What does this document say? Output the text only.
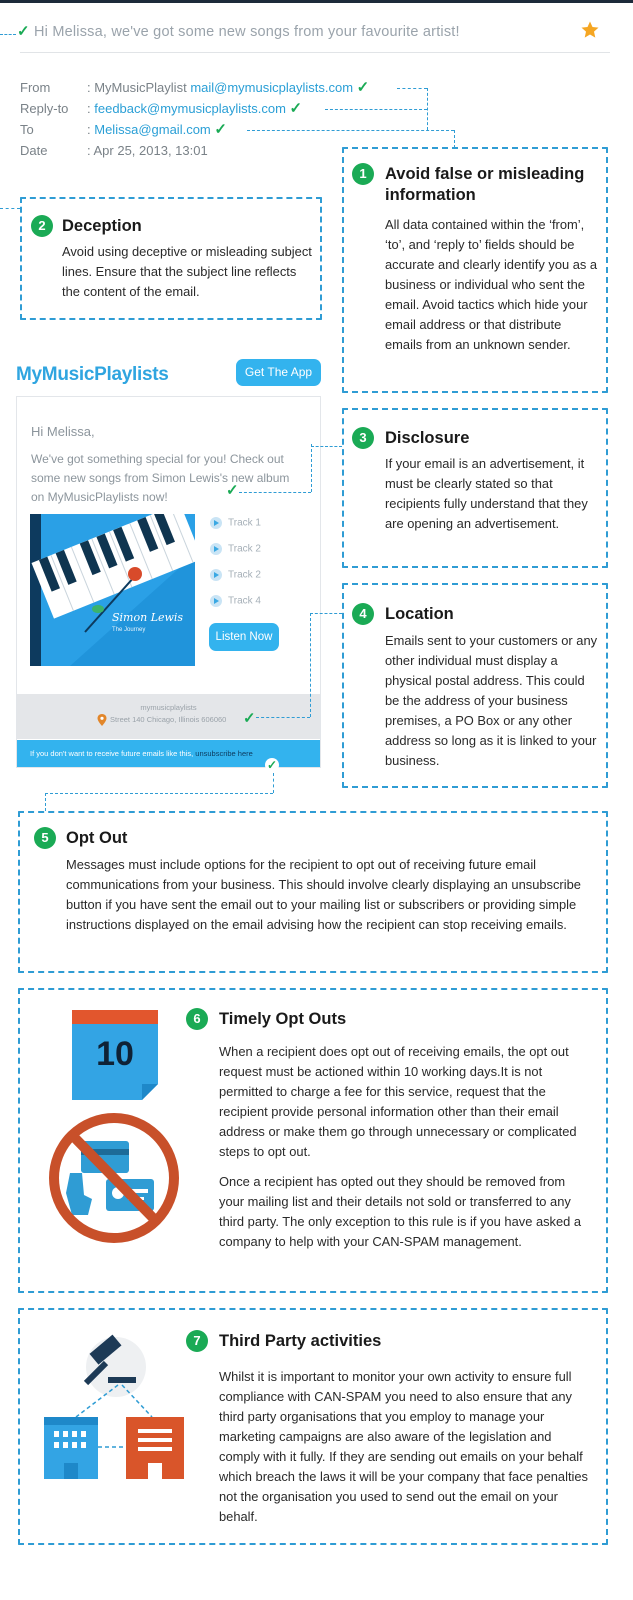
✓ Hi Melissa, we've got some new songs from your favourite artist!
From	: MyMusicPlaylist mail@mymusicplaylists.com ✓
Reply-to : feedback@mymusicplaylists.com ✓
To	: Melissa@gmail.com ✓
Date	: Apr 25, 2013, 13:01
1	Avoid false or misleading information
All data contained within the ‘from’, ‘to’, and ‘reply to’ fields should be accurate and clearly identify you as a business or individual who sent the email. Avoid tactics which hide your email address or that distribute emails from an unknown sender.
2 Deception
Avoid using deceptive or misleading subject lines. Ensure that the subject line reflects the content of the email.
MyMusicPlaylists	Get The App
Hi Melissa,
We've got something special for you! Check out some new songs from Simon Lewis's new album on MyMusicPlaylists now!	✓
Simon Lewis
The Journey
Track 1
Track 2
Track 2
Track 4
Listen Now
mymusicplaylists
Street 140 Chicago, Illinois 606060 ✓
If you don't want to receive future emails like this, unsubscribe here
✓
3	Disclosure
If your email is an advertisement, it must be clearly stated so that recipients fully understand that they are opening an advertisement.
4	Location
Emails sent to your customers or any other individual must display a physical postal address. This could be the address of your business premises, a PO Box or any other address so long as it is linked to your business.
5	Opt Out
Messages must include options for the recipient to opt out of receiving future email communications from your business. This should involve clearly displaying an unsubscribe button if you have sent the email out to your mailing list or subscribers or providing simple instructions displayed on the email advising how the recipient can stop receiving emails.
10
6	Timely Opt Outs
When a recipient does opt out of receiving emails, the opt out request must be actioned within 10 working days.It is not permitted to charge a fee for this service, request that the recipient provide personal information other than their email address or make them go through unnecessary or complicated steps to opt out.
Once a recipient has opted out they should be removed from your mailing list and their details not sold or transferred to any third party. The only exception to this rule is if you have asked a company to help with your CAN-SPAM management.
7	Third Party activities
Whilst it is important to monitor your own activity to ensure full compliance with CAN-SPAM you need to also ensure that any third party organisations that you employ to manage your marketing campaigns are also aware of the legislation and comply with it fully. If they are sending out emails on your behalf which breach the laws it will be your company that face penalties not the organisation you used to send out the email on your behalf.
